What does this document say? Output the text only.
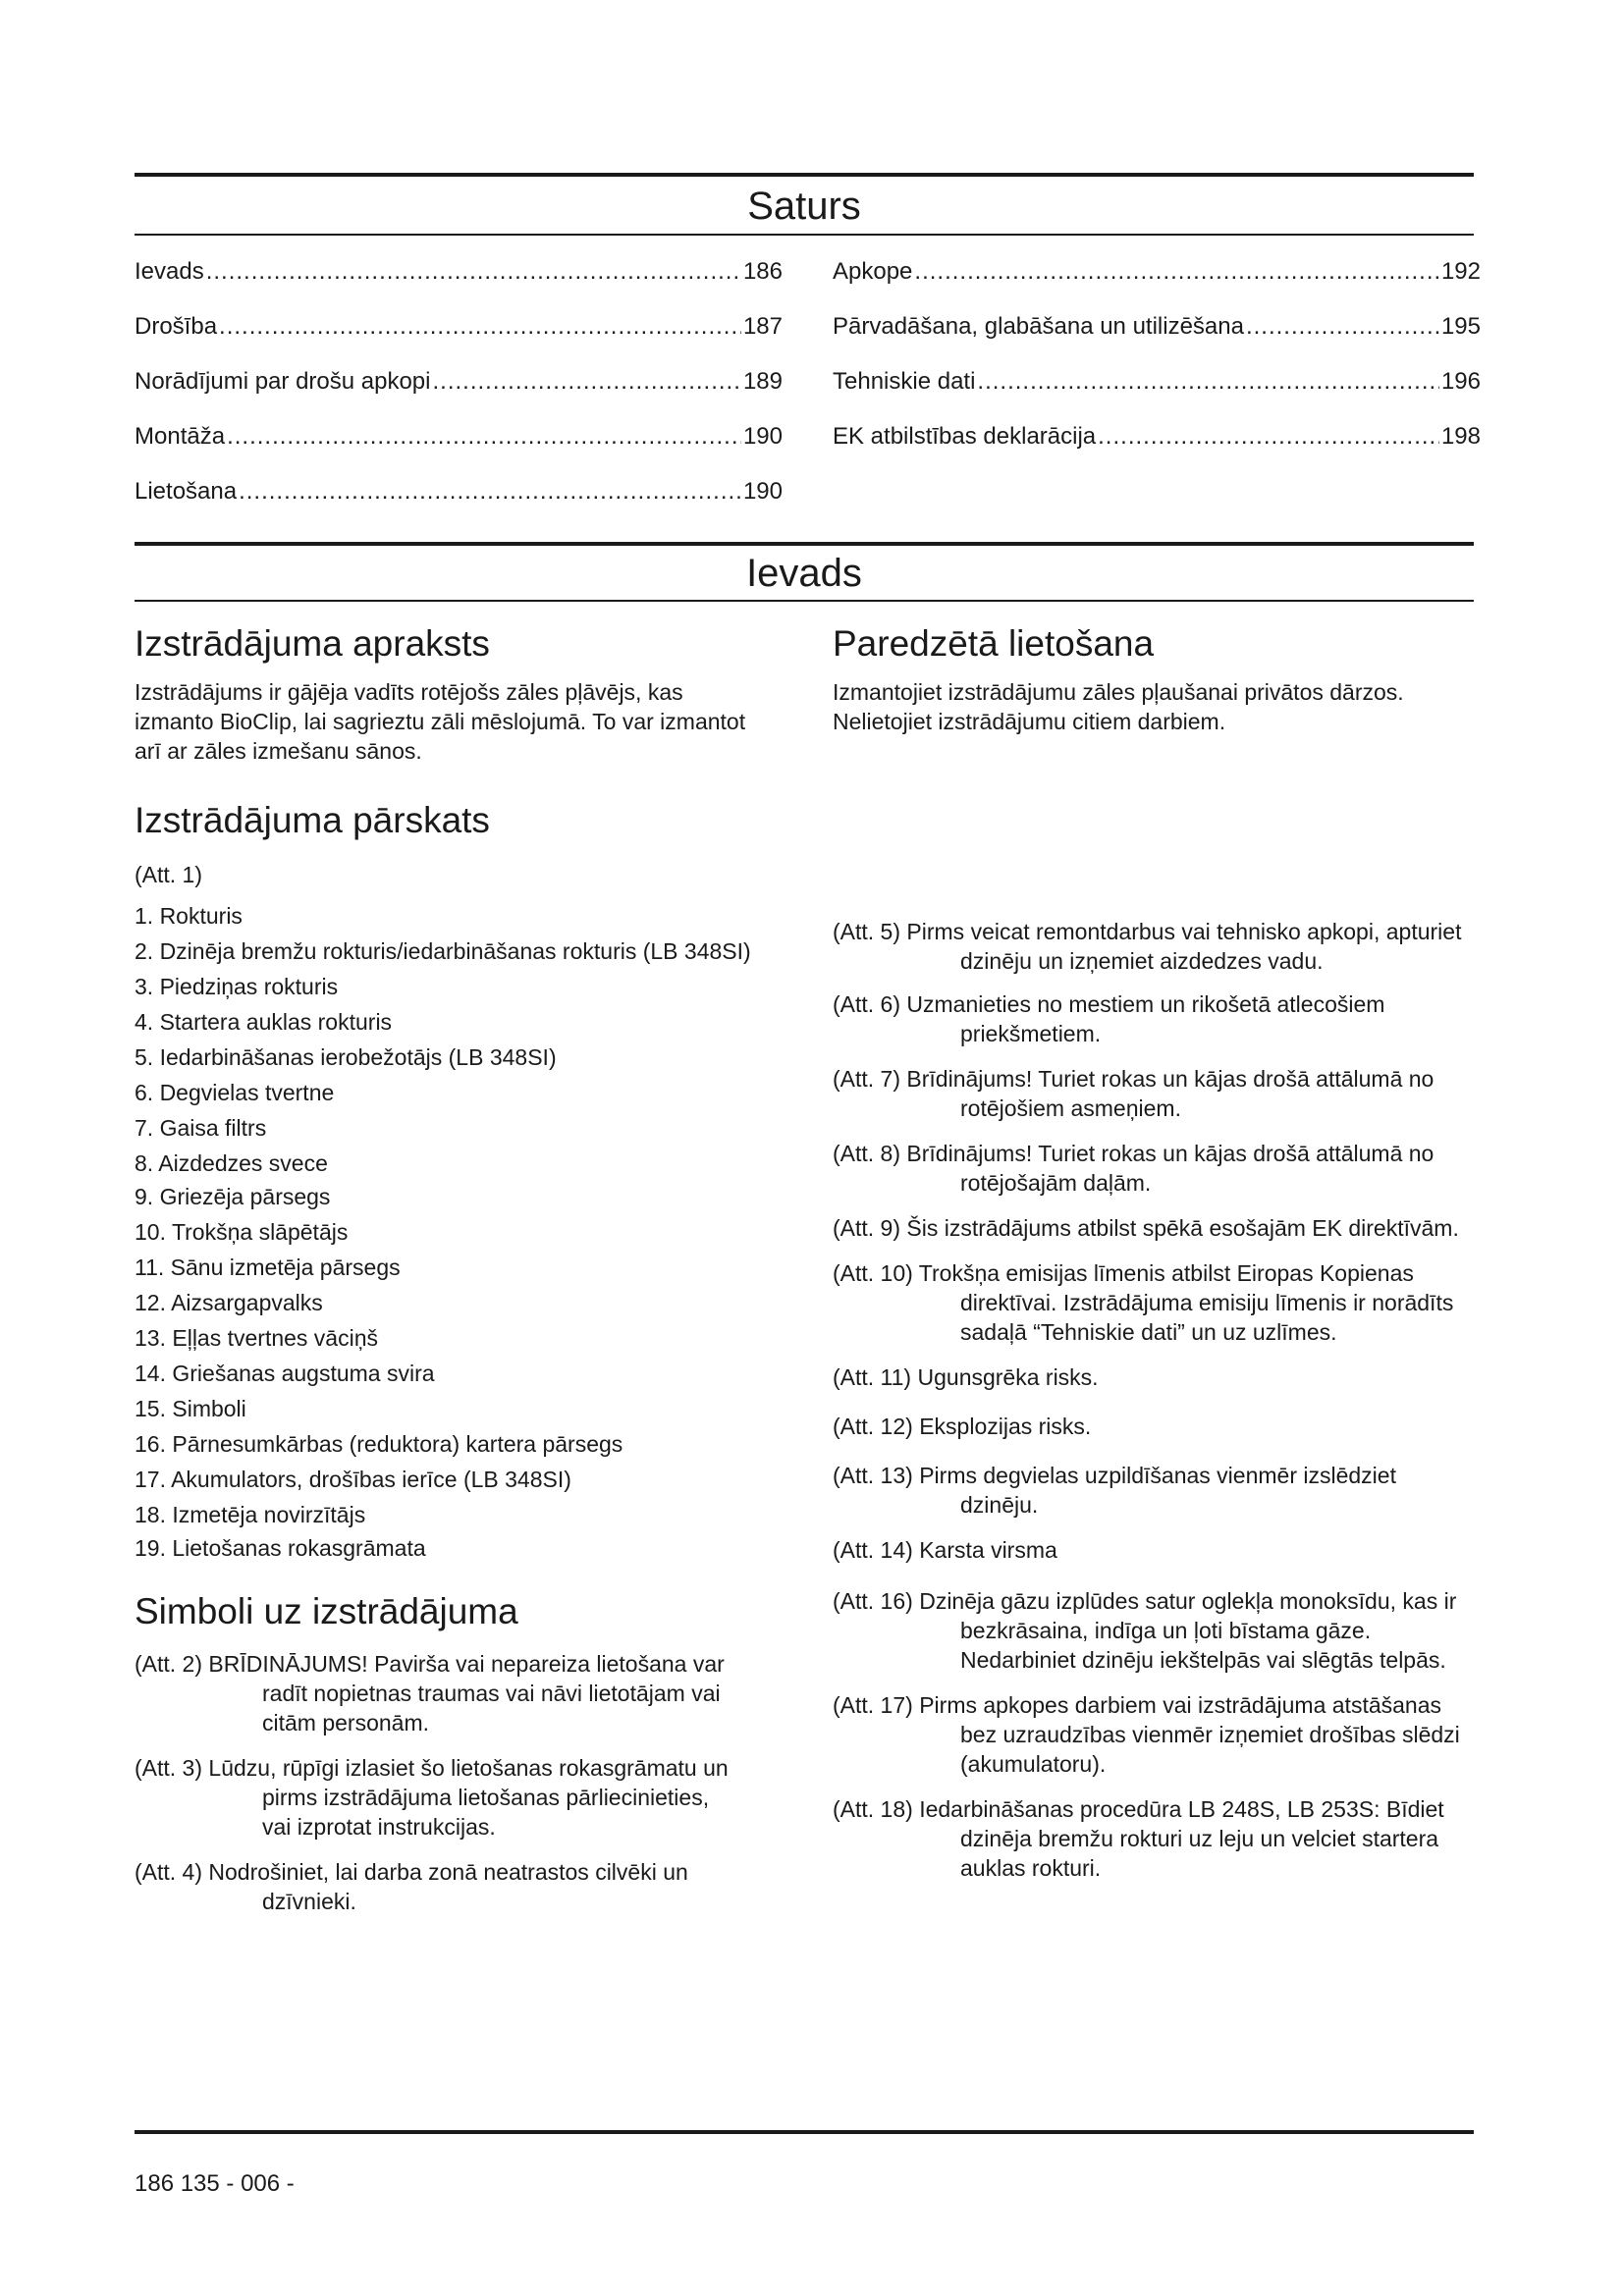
Saturs
Ievads .....	186
Drošība .....	187
Norādījumi par drošu apkopi .....	189
Montāža .....	190
Lietošana .....	190
Apkope .....	192
Pārvadāšana, glabāšana un utilizēšana .....	195
Tehniskie dati .....	196
EK atbilstības deklarācija .....	198
Ievads
Izstrādājuma apraksts

Izstrādājums ir gājēja vadīts rotējošs zāles pļāvējs, kas izmanto BioClip, lai sagrieztu zāli mēslojumā. To var izmantot arī ar zāles izmešanu sānos.

Izstrādājuma pārskats
(Att. 1)
1. Rokturis
2. Dzinēja bremžu rokturis/iedarbināšanas rokturis (LB 348SI)
3. Piedziņas rokturis
4. Startera auklas rokturis
5. Iedarbināšanas ierobežotājs (LB 348SI)
6. Degvielas tvertne
7. Gaisa filtrs
8. Aizdedzes svece
9. Griezēja pārsegs
10. Trokšņa slāpētājs
11. Sānu izmetēja pārsegs
12. Aizsargapvalks
13. Eļļas tvertnes vāciņš
14. Griešanas augstuma svira
15. Simboli
16. Pārnesumkārbas (reduktora) kartera pārsegs
17. Akumulators, drošības ierīce (LB 348SI)
18. Izmetēja novirzītājs
19. Lietošanas rokasgrāmata
Simboli uz izstrādājuma
(Att. 2) BRĪDINĀJUMS! Pavirša vai nepareiza lietošana var radīt nopietnas traumas vai nāvi lietotājam vai citām personām.
(Att. 3) Lūdzu, rūpīgi izlasiet šo lietošanas rokasgrāmatu un pirms izstrādājuma lietošanas pārliecinieties, vai izprotat instrukcijas.
(Att. 4) Nodrošiniet, lai darba zonā neatrastos cilvēki un dzīvnieki.
Paredzētā lietošana

Izmantojiet izstrādājumu zāles pļaušanai privātos dārzos. Nelietojiet izstrādājumu citiem darbiem.

(Att. 5) Pirms veicat remontdarbus vai tehnisko apkopi, apturiet dzinēju un izņemiet aizdedzes vadu.
(Att. 6) Uzmanieties no mestiem un rikošetā atlecošiem priekšmetiem.
(Att. 7) Brīdinājums! Turiet rokas un kājas drošā attālumā no rotējošiem asmeņiem.
(Att. 8) Brīdinājums! Turiet rokas un kājas drošā attālumā no rotējošajām daļām.
(Att. 9) Šis izstrādājums atbilst spēkā esošajām EK direktīvām.
(Att. 10) Trokšņa emisijas līmenis atbilst Eiropas Kopienas direktīvai. Izstrādājuma emisiju līmenis ir norādīts sadaļā “Tehniskie dati” un uz uzlīmes.
(Att. 11) Ugunsgrēka risks.
(Att. 12) Eksplozijas risks.
(Att. 13) Pirms degvielas uzpildīšanas vienmēr izslēdziet dzinēju.
(Att. 14) Karsta virsma
(Att. 16) Dzinēja gāzu izplūdes satur oglekļa monoksīdu, kas ir bezkrāsaina, indīga un ļoti bīstama gāze. Nedarbiniet dzinēju iekštelpās vai slēgtās telpās.
(Att. 17) Pirms apkopes darbiem vai izstrādājuma atstāšanas bez uzraudzības vienmēr izņemiet drošības slēdzi (akumulatoru).
(Att. 18) Iedarbināšanas procedūra LB 248S, LB 253S: Bīdiet dzinēja bremžu rokturi uz leju un velciet startera auklas rokturi.
186 135 - 006 -
